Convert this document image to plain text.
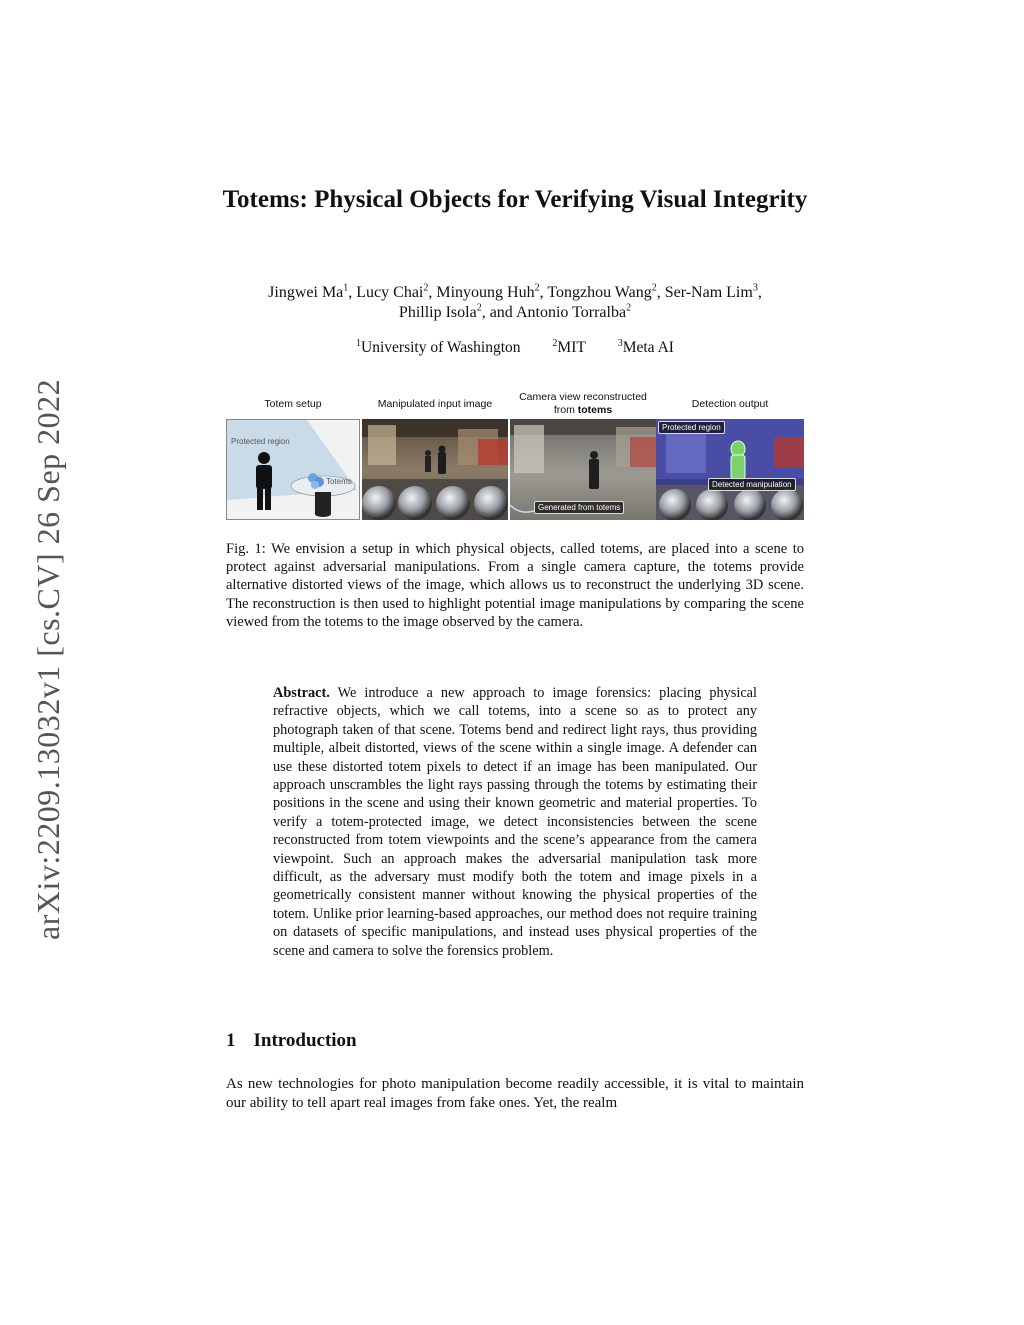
arXiv:2209.13032v1 [cs.CV] 26 Sep 2022
Totems: Physical Objects for Verifying Visual Integrity
Jingwei Ma$^1$, Lucy Chai$^2$, Minyoung Huh$^2$, Tongzhou Wang$^2$, Ser-Nam Lim$^3$,
Phillip Isola$^2$, and Antonio Torralba$^2$
$^1$University of Washington	$^2$MIT	$^3$Meta AI
Totem setup	Manipulated input image
Camera view reconstructed
from totems
Detection output
Protected region
Totems
Generated from totems
Protected region
Detected manipulation
Fig. 1: We envision a setup in which physical objects, called totems, are placed into a scene to protect against adversarial manipulations. From a single camera capture, the totems provide alternative distorted views of the image, which allows us to reconstruct the underlying 3D scene. The reconstruction is then used to highlight potential image manipulations by comparing the scene viewed from the totems to the image observed by the camera.
Abstract. We introduce a new approach to image forensics: placing physical refractive objects, which we call totems, into a scene so as to protect any photograph taken of that scene. Totems bend and redirect light rays, thus providing multiple, albeit distorted, views of the scene within a single image. A defender can use these distorted totem pixels to detect if an image has been manipulated. Our approach unscrambles the light rays passing through the totems by estimating their positions in the scene and using their known geometric and material properties. To verify a totem-protected image, we detect inconsistencies between the scene reconstructed from totem viewpoints and the scene’s appearance from the camera viewpoint. Such an approach makes the adversarial manipulation task more difficult, as the adversary must modify both the totem and image pixels in a geometrically consistent manner without knowing the physical properties of the totem. Unlike prior learning-based approaches, our method does not require training on datasets of specific manipulations, and instead uses physical properties of the scene and camera to solve the forensics problem.
1 Introduction
As new technologies for photo manipulation become readily accessible, it is vital to maintain our ability to tell apart real images from fake ones. Yet, the realm
